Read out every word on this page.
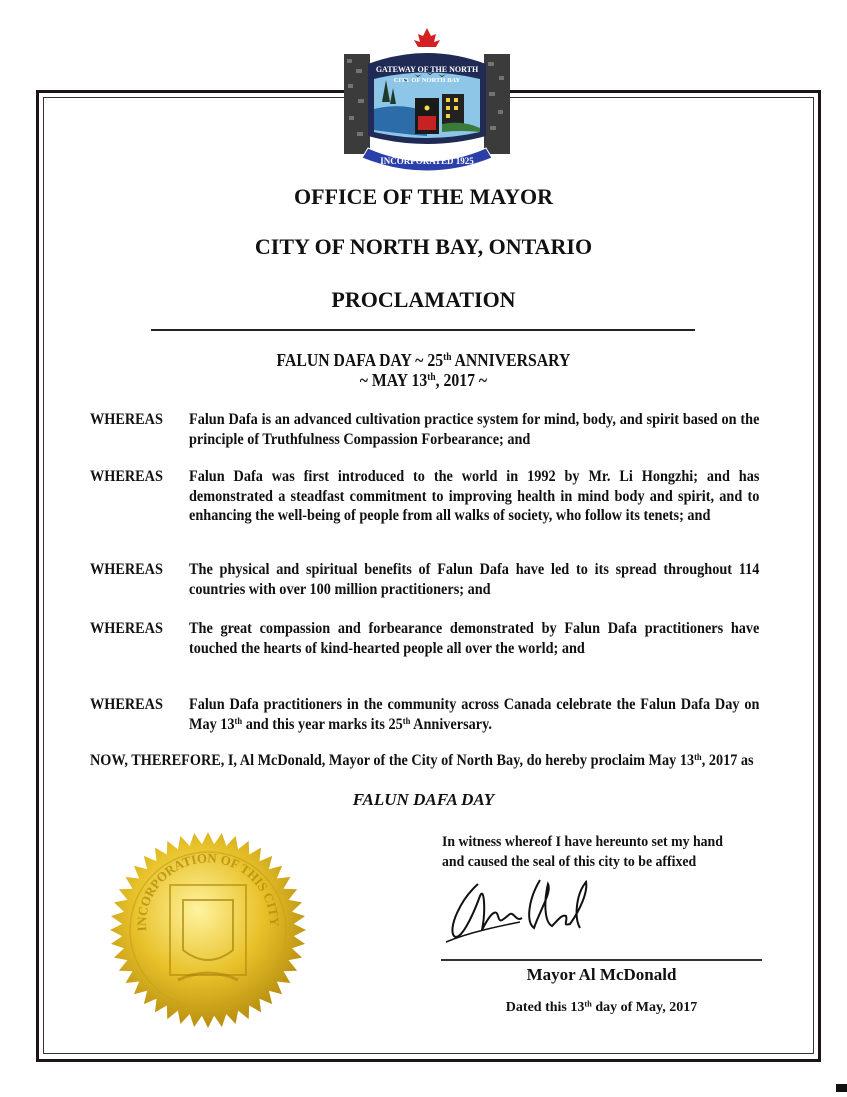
GATEWAY OF THE NORTH
CITY OF NORTH BAY
INCORPORATED 1925
OFFICE OF THE MAYOR
CITY OF NORTH BAY, ONTARIO
PROCLAMATION
FALUN DAFA DAY ~ 25th ANNIVERSARY
~ MAY 13th, 2017 ~
WHEREAS	Falun Dafa is an advanced cultivation practice system for mind, body, and spirit based on the principle of Truthfulness Compassion Forbearance; and
WHEREAS	Falun Dafa was first introduced to the world in 1992 by Mr. Li Hongzhi; and has demonstrated a steadfast commitment to improving health in mind body and spirit, and to enhancing the well-being of people from all walks of society, who follow its tenets; and
WHEREAS	The physical and spiritual benefits of Falun Dafa have led to its spread throughout 114 countries with over 100 million practitioners; and
WHEREAS	The great compassion and forbearance demonstrated by Falun Dafa practitioners have touched the hearts of kind-hearted people all over the world; and
WHEREAS	Falun Dafa practitioners in the community across Canada celebrate the Falun Dafa Day on May 13th and this year marks its 25th Anniversary.
NOW, THEREFORE, I, Al McDonald, Mayor of the City of North Bay, do hereby proclaim May 13th, 2017 as
FALUN DAFA DAY
INCORPORATION OF THIS CITY
In witness whereof I have hereunto set my hand
and caused the seal of this city to be affixed
Mayor Al McDonald
Dated this 13th day of May, 2017
